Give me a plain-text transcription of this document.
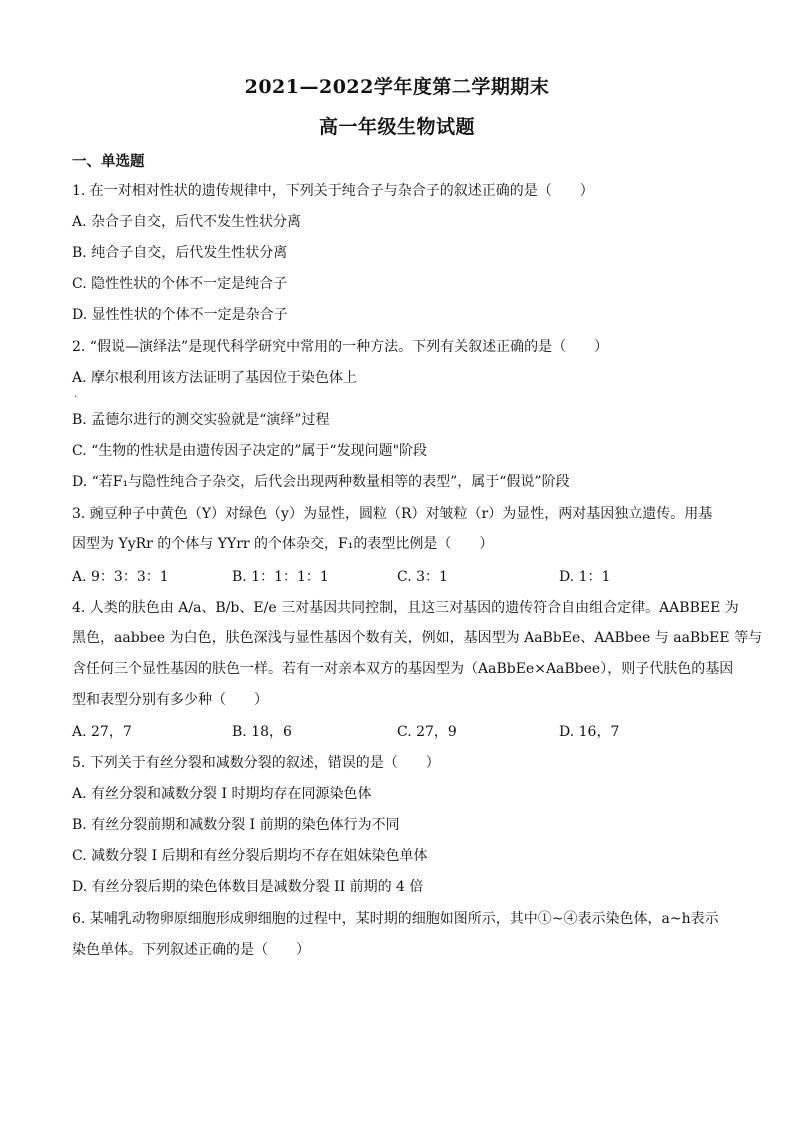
2021—2022学年度第二学期期末
高一年级生物试题
一、单选题
1. 在一对相对性状的遗传规律中，下列关于纯合子与杂合子的叙述正确的是（　　）
A. 杂合子自交，后代不发生性状分离
B. 纯合子自交，后代发生性状分离
C. 隐性性状的个体不一定是纯合子
D. 显性性状的个体不一定是杂合子
2. “假说—演绎法”是现代科学研究中常用的一种方法。下列有关叙述正确的是（　　）
A. 摩尔根利用该方法证明了基因位于染色体上
·
B. 孟德尔进行的测交实验就是“演绎”过程
C. “生物的性状是由遗传因子决定的”属于“发现问题"阶段
D. “若F₁与隐性纯合子杂交，后代会出现两种数量相等的表型”，属于“假说”阶段
3. 豌豆种子中黄色（Y）对绿色（y）为显性，圆粒（R）对皱粒（r）为显性，两对基因独立遗传。用基
因型为 YyRr 的个体与 YYrr 的个体杂交，F₁的表型比例是（　　）
A. 9：3：3：1	B. 1：1：1：1	C. 3：1	D. 1：1
4. 人类的肤色由 A/a、B/b、E/e 三对基因共同控制，且这三对基因的遗传符合自由组合定律。AABBEE 为
黑色，aabbee 为白色，肤色深浅与显性基因个数有关，例如，基因型为 AaBbEe、AABbee 与 aaBbEE 等与
含任何三个显性基因的肤色一样。若有一对亲本双方的基因型为（AaBbEe×AaBbee），则子代肤色的基因
型和表型分别有多少种（　　）
A. 27，7	B. 18，6	C. 27，9	D. 16，7
5. 下列关于有丝分裂和减数分裂的叙述，错误的是（　　）
A. 有丝分裂和减数分裂 I 时期均存在同源染色体
B. 有丝分裂前期和减数分裂 I 前期的染色体行为不同
C. 减数分裂 I 后期和有丝分裂后期均不存在姐妹染色单体
D. 有丝分裂后期的染色体数目是减数分裂 II 前期的 4 倍
6. 某哺乳动物卵原细胞形成卵细胞的过程中，某时期的细胞如图所示，其中①~④表示染色体，a~h表示
染色单体。下列叙述正确的是（　　）
